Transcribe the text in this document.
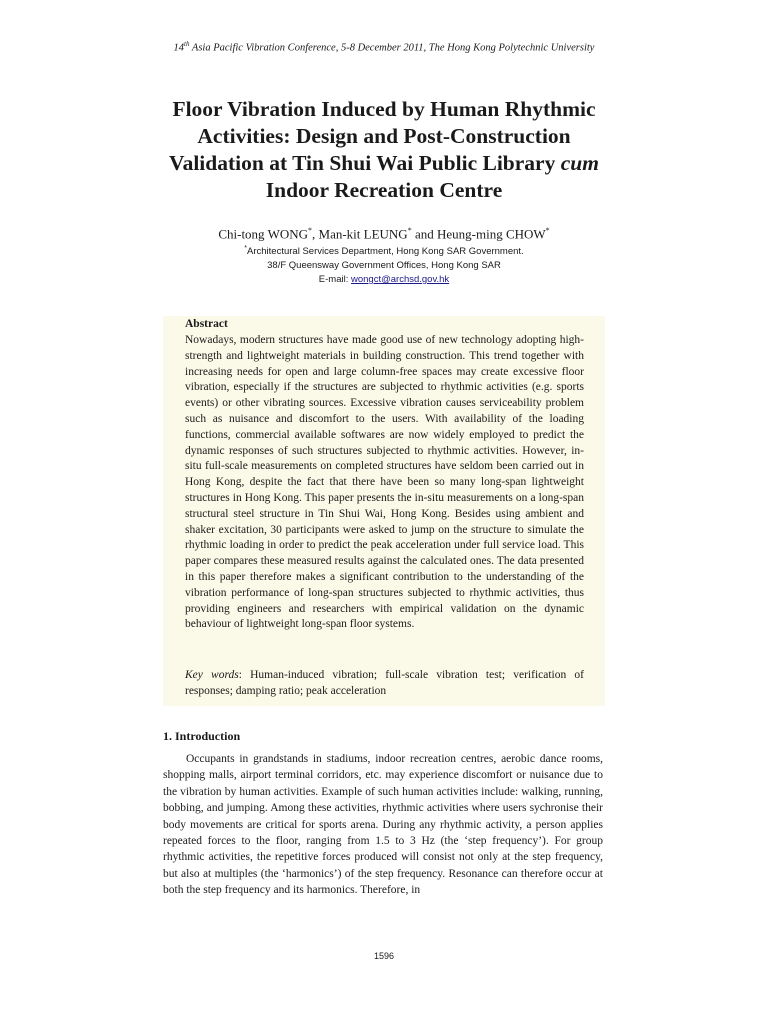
14th Asia Pacific Vibration Conference, 5-8 December 2011, The Hong Kong Polytechnic University
Floor Vibration Induced by Human Rhythmic
Activities: Design and Post-Construction
Validation at Tin Shui Wai Public Library cum
Indoor Recreation Centre
Chi-tong WONG*, Man-kit LEUNG* and Heung-ming CHOW*
*Architectural Services Department, Hong Kong SAR Government.
38/F Queensway Government Offices, Hong Kong SAR
E-mail: wongct@archsd.gov.hk
Abstract
Nowadays, modern structures have made good use of new technology adopting high-strength and lightweight materials in building construction. This trend together with increasing needs for open and large column-free spaces may create excessive floor vibration, especially if the structures are subjected to rhythmic activities (e.g. sports events) or other vibrating sources. Excessive vibration causes serviceability problem such as nuisance and discomfort to the users. With availability of the loading functions, commercial available softwares are now widely employed to predict the dynamic responses of such structures subjected to rhythmic activities. However, in-situ full-scale measurements on completed structures have seldom been carried out in Hong Kong, despite the fact that there have been so many long-span lightweight structures in Hong Kong. This paper presents the in-situ measurements on a long-span structural steel structure in Tin Shui Wai, Hong Kong. Besides using ambient and shaker excitation, 30 participants were asked to jump on the structure to simulate the rhythmic loading in order to predict the peak acceleration under full service load. This paper compares these measured results against the calculated ones. The data presented in this paper therefore makes a significant contribution to the understanding of the vibration performance of long-span structures subjected to rhythmic activities, thus providing engineers and researchers with empirical validation on the dynamic behaviour of lightweight long-span floor systems.
Key words: Human-induced vibration; full-scale vibration test; verification of responses; damping ratio; peak acceleration
1. Introduction
Occupants in grandstands in stadiums, indoor recreation centres, aerobic dance rooms, shopping malls, airport terminal corridors, etc. may experience discomfort or nuisance due to the vibration by human activities. Example of such human activities include: walking, running, bobbing, and jumping. Among these activities, rhythmic activities where users sychronise their body movements are critical for sports arena. During any rhythmic activity, a person applies repeated forces to the floor, ranging from 1.5 to 3 Hz (the ‘step frequency’). For group rhythmic activities, the repetitive forces produced will consist not only at the step frequency, but also at multiples (the ‘harmonics’) of the step frequency. Resonance can therefore occur at both the step frequency and its harmonics. Therefore, in
1596
